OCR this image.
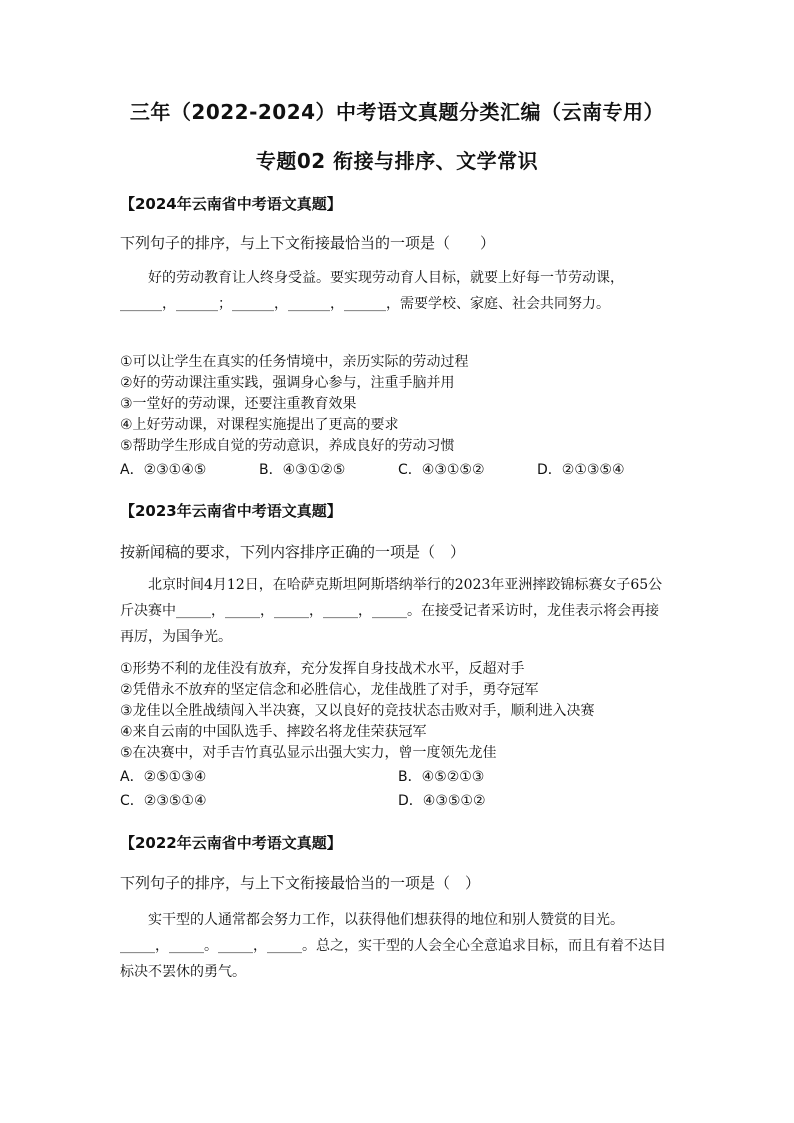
三年（2022-2024）中考语文真题分类汇编（云南专用）
专题02 衔接与排序、文学常识
【2024年云南省中考语文真题】
下列句子的排序，与上下文衔接最恰当的一项是（　　）
好的劳动教育让人终身受益。要实现劳动育人目标，就要上好每一节劳动课，______，______；______，______，______，需要学校、家庭、社会共同努力。
①可以让学生在真实的任务情境中，亲历实际的劳动过程
②好的劳动课注重实践，强调身心参与，注重手脑并用
③一堂好的劳动课，还要注重教育效果
④上好劳动课，对课程实施提出了更高的要求
⑤帮助学生形成自觉的劳动意识，养成良好的劳动习惯
A．②③①④⑤	B．④③①②⑤	C．④③①⑤②	D．②①③⑤④
【2023年云南省中考语文真题】
按新闻稿的要求，下列内容排序正确的一项是（　）
北京时间4月12日，在哈萨克斯坦阿斯塔纳举行的2023年亚洲摔跤锦标赛女子65公斤决赛中_____，_____，_____，_____，_____。在接受记者采访时，龙佳表示将会再接再厉，为国争光。
①形势不利的龙佳没有放弃，充分发挥自身技战术水平，反超对手
②凭借永不放弃的坚定信念和必胜信心，龙佳战胜了对手，勇夺冠军
③龙佳以全胜战绩闯入半决赛，又以良好的竞技状态击败对手，顺利进入决赛
④来自云南的中国队选手、摔跤名将龙佳荣获冠军
⑤在决赛中，对手吉竹真弘显示出强大实力，曾一度领先龙佳
A．②⑤①③④	B．④⑤②①③
C．②③⑤①④	D．④③⑤①②
【2022年云南省中考语文真题】
下列句子的排序，与上下文衔接最恰当的一项是（　）
实干型的人通常都会努力工作，以获得他们想获得的地位和别人赞赏的目光。_____，_____。_____，_____。总之，实干型的人会全心全意追求目标，而且有着不达目标决不罢休的勇气。
